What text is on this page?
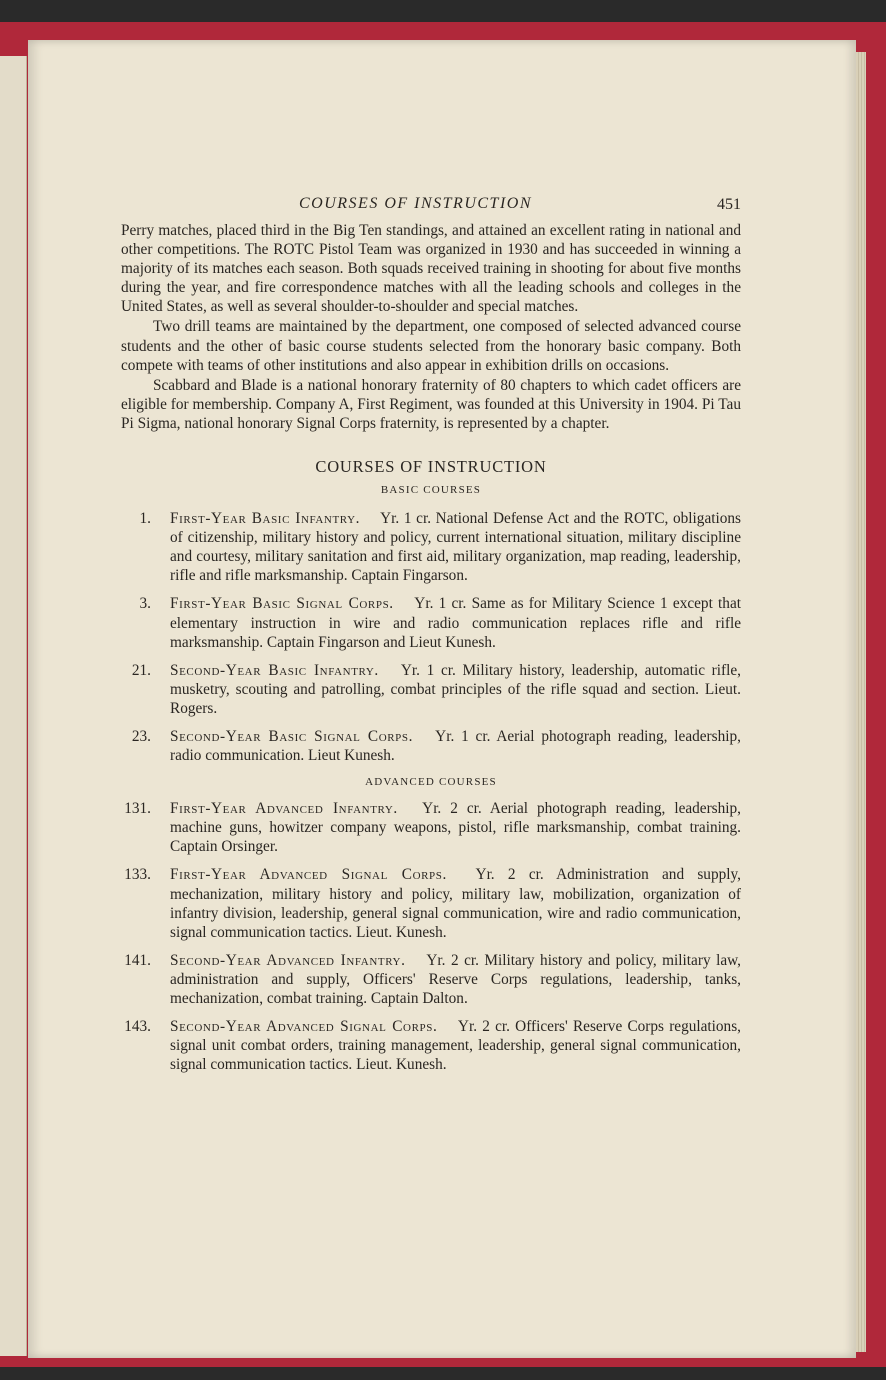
COURSES OF INSTRUCTION	451

Perry matches, placed third in the Big Ten standings, and attained an excellent rating in national and other competitions. The ROTC Pistol Team was organized in 1930 and has succeeded in winning a majority of its matches each season. Both squads received training in shooting for about five months during the year, and fire correspondence matches with all the leading schools and colleges in the United States, as well as several shoulder-to-shoulder and special matches.

Two drill teams are maintained by the department, one composed of selected advanced course students and the other of basic course students selected from the honorary basic company. Both compete with teams of other institutions and also appear in exhibition drills on occasions.

Scabbard and Blade is a national honorary fraternity of 80 chapters to which cadet officers are eligible for membership. Company A, First Regiment, was founded at this University in 1904. Pi Tau Pi Sigma, national honorary Signal Corps fraternity, is represented by a chapter.

COURSES OF INSTRUCTION
BASIC COURSES
1. First-Year Basic Infantry.  Yr. 1 cr. National Defense Act and the ROTC, obligations of citizenship, military history and policy, current international situation, military discipline and courtesy, military sanitation and first aid, military organization, map reading, leadership, rifle and rifle marksmanship. Captain Fingarson.
3. First-Year Basic Signal Corps.  Yr. 1 cr. Same as for Military Science 1 except that elementary instruction in wire and radio communication replaces rifle and rifle marksmanship. Captain Fingarson and Lieut Kunesh.
21. Second-Year Basic Infantry.  Yr. 1 cr. Military history, leadership, automatic rifle, musketry, scouting and patrolling, combat principles of the rifle squad and section. Lieut. Rogers.
23. Second-Year Basic Signal Corps.  Yr. 1 cr. Aerial photograph reading, leadership, radio communication. Lieut Kunesh.
ADVANCED COURSES
131. First-Year Advanced Infantry.  Yr. 2 cr. Aerial photograph reading, leadership, machine guns, howitzer company weapons, pistol, rifle marksmanship, combat training. Captain Orsinger.
133. First-Year Advanced Signal Corps.  Yr. 2 cr. Administration and supply, mechanization, military history and policy, military law, mobilization, organization of infantry division, leadership, general signal communication, wire and radio communication, signal communication tactics. Lieut. Kunesh.
141. Second-Year Advanced Infantry.  Yr. 2 cr. Military history and policy, military law, administration and supply, Officers' Reserve Corps regulations, leadership, tanks, mechanization, combat training. Captain Dalton.
143. Second-Year Advanced Signal Corps.  Yr. 2 cr. Officers' Reserve Corps regulations, signal unit combat orders, training management, leadership, general signal communication, signal communication tactics. Lieut. Kunesh.
